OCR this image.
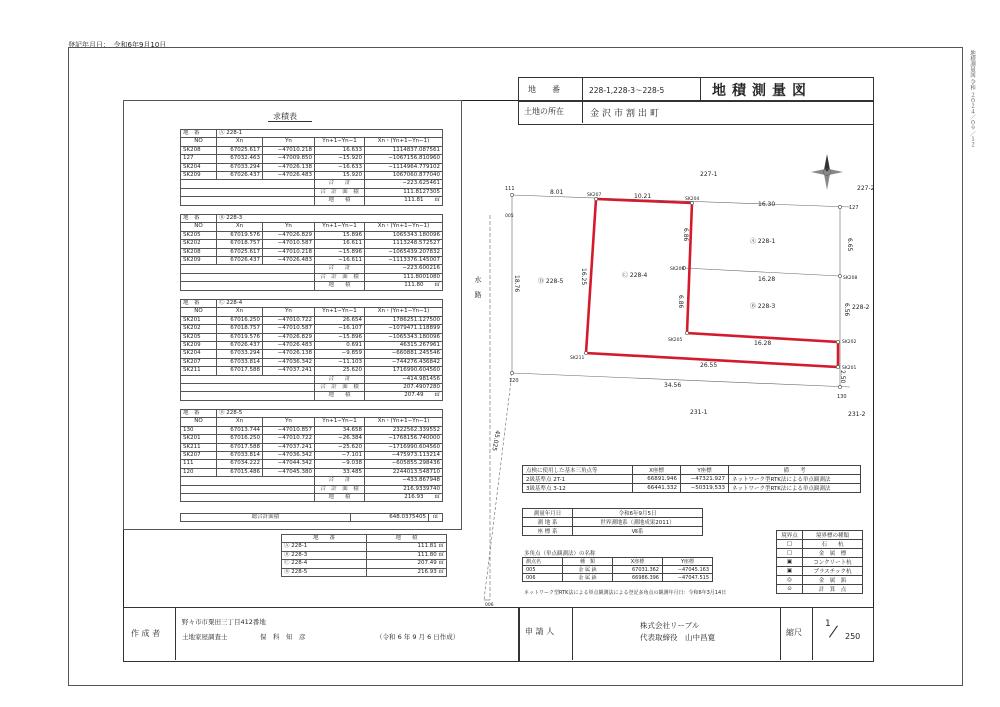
登記年月日：　令和6年9月10日
地積測量図 令和 ２０２４／０９／１２
地　　番	228-1,228-3〜228-5	地積測量図
土地の所在	金沢市割出町
求積表
地　番	Ⓐ 228-1			
NO	Xn	Yn	Yn+1−Yn−1	Xn・(Yn+1−Yn−1)
SK208	67025.617	−47010.218	16.633	1114837.087561
127	67032.463	−47009.850	−15.920	−1067156.810960
SK204	67033.294	−47026.138	−16.633	−1114964.779102
SK209	67026.437	−47026.483	15.920	1067060.877040
			合　　計	−223.625461
			合　計　面　積	111.8127305
			地　　積	111.81　　 ㎡
地　番	Ⓑ 228-3			
NO	Xn	Yn	Yn+1−Yn−1	Xn・(Yn+1−Yn−1)
SK205	67019.576	−47026.829	15.896	1065343.180096
SK202	67018.757	−47010.587	16.611	1113248.572527
SK208	67025.617	−47010.218	−15.896	−1065439.207832
SK209	67026.437	−47026.483	−16.611	−1113376.145007
			合　　計	−223.600216
			合　計　面　積	111.8001080
			地　　積	111.80　　 ㎡
地　番	Ⓒ 228-4			
NO	Xn	Yn	Yn+1−Yn−1	Xn・(Yn+1−Yn−1)
SK201	67016.250	−47010.722	26.654	1786251.127500
SK202	67018.757	−47010.587	−16.107	−1079471.118899
SK205	67019.576	−47026.829	−15.896	−1065343.180096
SK209	67026.437	−47026.483	0.691	46315.267961
SK204	67033.294	−47026.138	−9.859	−660881.245546
SK207	67033.814	−47036.342	−11.103	−744276.436842
SK211	67017.588	−47037.241	25.620	1716990.604560
			合　　計	−414.981456
			合　計　面　積	207.4907280
			地　　積	207.49　　 ㎡
地　番	Ⓓ 228-5			
NO	Xn	Yn	Yn+1−Yn−1	Xn・(Yn+1−Yn−1)
130	67013.744	−47010.857	34.658	2322562.339552
SK201	67016.250	−47010.722	−26.384	−1768156.740000
SK211	67017.588	−47037.241	−25.620	−1716990.604560
SK207	67033.814	−47036.342	−7.101	−475973.113214
111	67034.222	−47044.342	−9.038	−605855.298436
120	67015.486	−47045.380	33.485	2244013.548710
			合　　計	−433.867948
			合　計　面　積	216.9339740
			地　　積	216.93　　 ㎡
総合計面積	648.0375405	㎡
地　　番	地　　積
Ⓐ 228-1	111.81 ㎡
Ⓑ 228-3	111.80 ㎡
Ⓒ 228-4	207.49 ㎡
Ⓓ 228-5	216.93 ㎡
Ⓐ 228-1
Ⓑ 228-3
Ⓒ 228-4
Ⓓ 228-5
227-1
227-2
228-2
231-1	231-2
111
005
120
127
130
006
SK207
SK204
SK209
SK208
SK205	SK202
SK211
SK201
8.01
10.21
16.30
16.28
16.28
26.55
34.56
6.86
6.86
6.65
6.56
2.50
16.25
18.76
45.025
水路
点検に使用した基本三角点等	X座標	Y座標	備　　考
2級基準点 2T-1	66891.946	−47321.927	ネットワーク型RTK法による単点観測法
3級基準点 3-12	66441.332	−50319.533	ネットワーク型RTK法による単点観測法
測量年月日	令和6年9月5日
測 地 系	世界測地系（測地成果2011）
座 標 系	Ⅶ系
多角点（単点観測法）の名称
測点名	種　類	X座標	Y座標
005	金 属 鋲	67031.362	−47045.163
006	金 属 鋲	66986.396	−47047.515
ネットワーク型RTK法による単点観測法による登記多角点の観測年月日：令和6年3月14日
境界点	境界標の種類
□	石　　杭
□	金　属　標
▣	コンクリート杭
▣	プラスチック杭
◎	金　属　鋲
⊙	計　算　点
作 成 者
野々市市粟田三丁目412番地
土地家屋調査士	保　科　知　彦	（令和 6 年 9 月 6 日作成）
申 請 人
株式会社リーブル
代表取締役　山中昌寛
縮尺
1
250
